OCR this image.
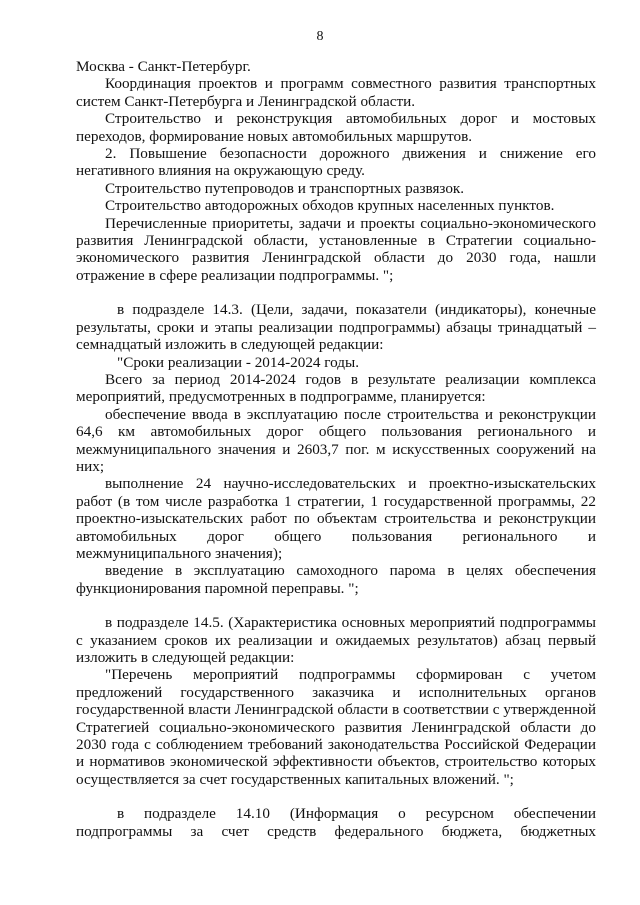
8

Москва - Санкт-Петербург.

Координация проектов и программ совместного развития транспортных систем Санкт-Петербурга и Ленинградской области.

Строительство и реконструкция автомобильных дорог и мостовых переходов, формирование новых автомобильных маршрутов.

2. Повышение безопасности дорожного движения и снижение его негативного влияния на окружающую среду.

Строительство путепроводов и транспортных развязок.

Строительство автодорожных обходов крупных населенных пунктов.

Перечисленные приоритеты, задачи и проекты социально-экономического развития Ленинградской области, установленные в Стратегии социально-экономического развития Ленинградской области до 2030 года, нашли отражение в сфере реализации подпрограммы. ";

в подразделе 14.3. (Цели, задачи, показатели (индикаторы), конечные результаты, сроки и этапы реализации подпрограммы) абзацы тринадцатый – семнадцатый изложить в следующей редакции:

"Сроки реализации - 2014-2024 годы.

Всего за период 2014-2024 годов в результате реализации комплекса мероприятий, предусмотренных в подпрограмме, планируется:

обеспечение ввода в эксплуатацию после строительства и реконструкции 64,6 км автомобильных дорог общего пользования регионального и межмуниципального значения и 2603,7 пог. м искусственных сооружений на них;

выполнение 24 научно-исследовательских и проектно-изыскательских работ (в том числе разработка 1 стратегии, 1 государственной программы, 22 проектно-изыскательских работ по объектам строительства и реконструкции автомобильных дорог общего пользования регионального и межмуниципального значения);

введение в эксплуатацию самоходного парома в целях обеспечения функционирования паромной переправы. ";

в подразделе 14.5. (Характеристика основных мероприятий подпрограммы с указанием сроков их реализации и ожидаемых результатов) абзац первый изложить в следующей редакции:

"Перечень мероприятий подпрограммы сформирован с учетом предложений государственного заказчика и исполнительных органов государственной власти Ленинградской области в соответствии с утвержденной Стратегией социально-экономического развития Ленинградской области до 2030 года с соблюдением требований законодательства Российской Федерации и нормативов экономической эффективности объектов, строительство которых осуществляется за счет государственных капитальных вложений. ";

в подразделе 14.10 (Информация о ресурсном обеспечении подпрограммы за счет средств федерального бюджета, бюджетных
